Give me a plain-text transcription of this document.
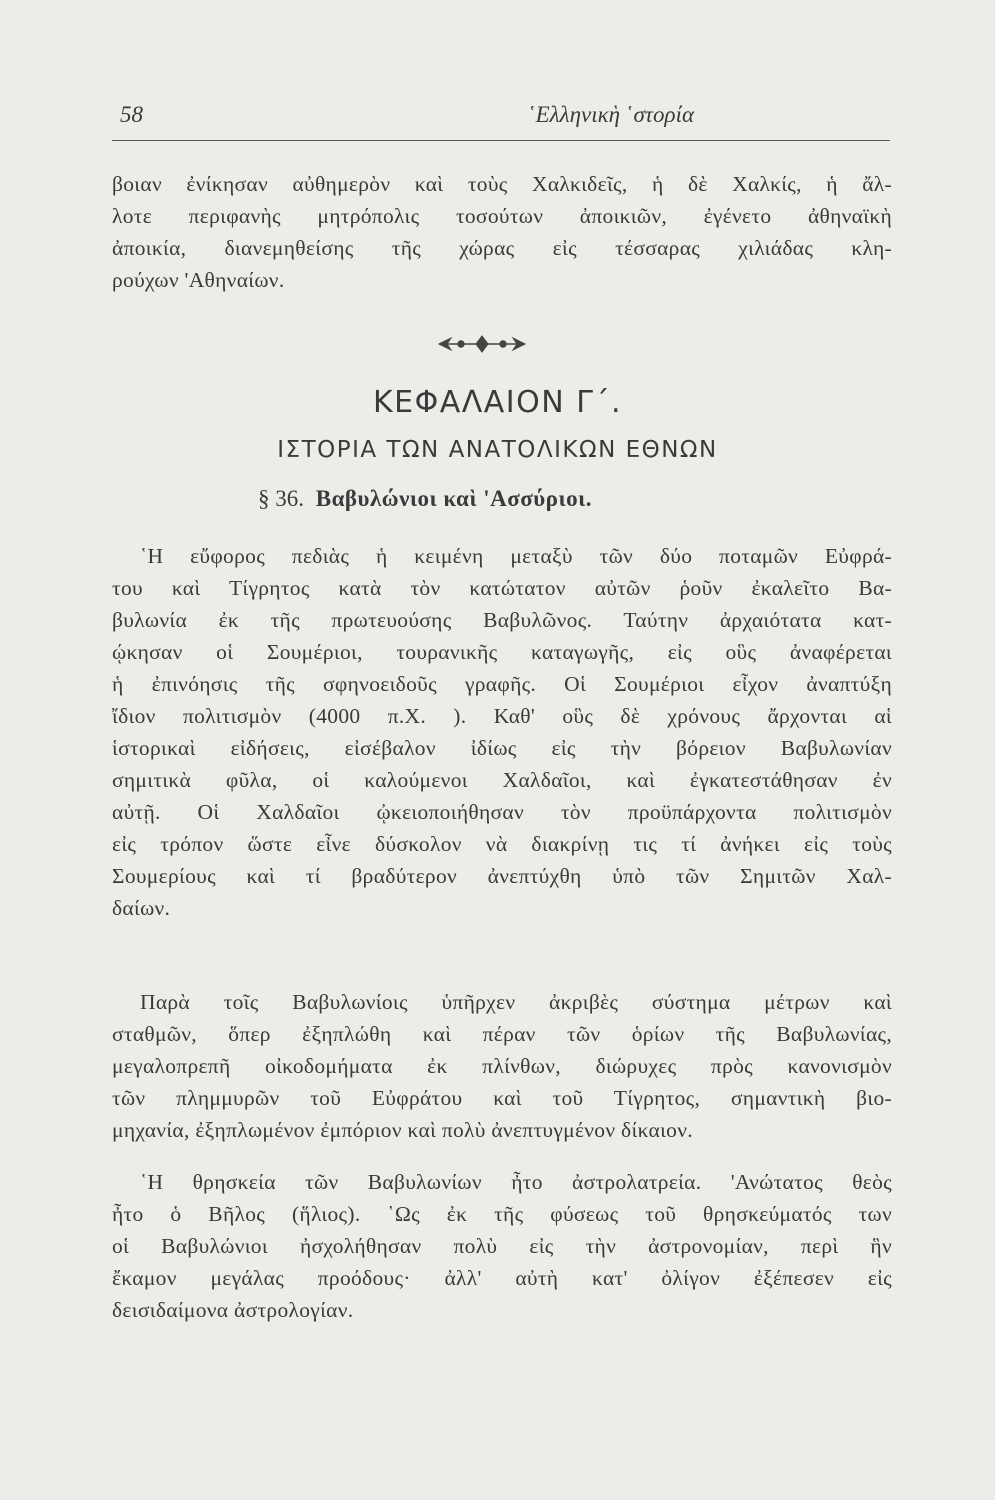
58	῾Ελληνικὴ ῾στορία
βοιαν ἐνίκησαν αὐθημερὸν καὶ τοὺς Χαλκιδεῖς, ἡ δὲ Χαλκίς, ἡ ἄλ-
λοτε περιφανὴς μητρόπολις τοσούτων ἀποικιῶν, ἐγένετο ἀθηναϊκὴ
ἀποικία, διανεμηθείσης τῆς χώρας εἰς τέσσαρας χιλιάδας κλη-
ρούχων 'Αθηναίων.
ΚΕΦΑΛΑΙΟΝ Γ΄.
ΙΣΤΟΡΙΑ ΤΩΝ ΑΝΑΤΟΛΙΚΩΝ ΕΘΝΩΝ
§ 36. Βαβυλώνιοι καὶ 'Ασσύριοι.
῾Η εὔφορος πεδιὰς ἡ κειμένη μεταξὺ τῶν δύο ποταμῶν Εὐφρά-
του καὶ Τίγρητος κατὰ τὸν κατώτατον αὐτῶν ῥοῦν ἐκαλεῖτο Βα-
βυλωνία ἐκ τῆς πρωτευούσης Βαβυλῶνος. Ταύτην ἀρχαιότατα κατ-
ῴκησαν οἱ Σουμέριοι, τουρανικῆς καταγωγῆς, εἰς οὓς ἀναφέρεται
ἡ ἐπινόησις τῆς σφηνοειδοῦς γραφῆς. Οἱ Σουμέριοι εἶχον ἀναπτύξη
ἴδιον πολιτισμὸν (4000 π.Χ. ). Καθ' οὓς δὲ χρόνους ἄρχονται αἱ
ἱστορικαὶ εἰδήσεις, εἰσέβαλον ἰδίως εἰς τὴν βόρειον Βαβυλωνίαν
σημιτικὰ φῦλα, οἱ καλούμενοι Χαλδαῖοι, καὶ ἐγκατεστάθησαν ἐν
αὐτῇ. Οἱ Χαλδαῖοι ᾠκειοποιήθησαν τὸν προϋπάρχοντα πολιτισμὸν
εἰς τρόπον ὥστε εἶνε δύσκολον νὰ διακρίνῃ τις τί ἀνήκει εἰς τοὺς
Σουμερίους καὶ τί βραδύτερον ἀνεπτύχθη ὑπὸ τῶν Σημιτῶν Χαλ-
δαίων.
Παρὰ τοῖς Βαβυλωνίοις ὑπῆρχεν ἀκριβὲς σύστημα μέτρων καὶ
σταθμῶν, ὅπερ ἐξηπλώθη καὶ πέραν τῶν ὁρίων τῆς Βαβυλωνίας,
μεγαλοπρεπῆ οἰκοδομήματα ἐκ πλίνθων, διώρυχες πρὸς κανονισμὸν
τῶν πλημμυρῶν τοῦ Εὐφράτου καὶ τοῦ Τίγρητος, σημαντικὴ βιο-
μηχανία, ἐξηπλωμένον ἐμπόριον καὶ πολὺ ἀνεπτυγμένον δίκαιον.
῾Η θρησκεία τῶν Βαβυλωνίων ἦτο ἀστρολατρεία. 'Ανώτατος θεὸς
ἦτο ὁ Βῆλος (ἥλιος). ῾Ως ἐκ τῆς φύσεως τοῦ θρησκεύματός των
οἱ Βαβυλώνιοι ἠσχολήθησαν πολὺ εἰς τὴν ἀστρονομίαν, περὶ ἣν
ἔκαμον μεγάλας προόδους· ἀλλ' αὐτὴ κατ' ὀλίγον ἐξέπεσεν εἰς
δεισιδαίμονα ἀστρολογίαν.
